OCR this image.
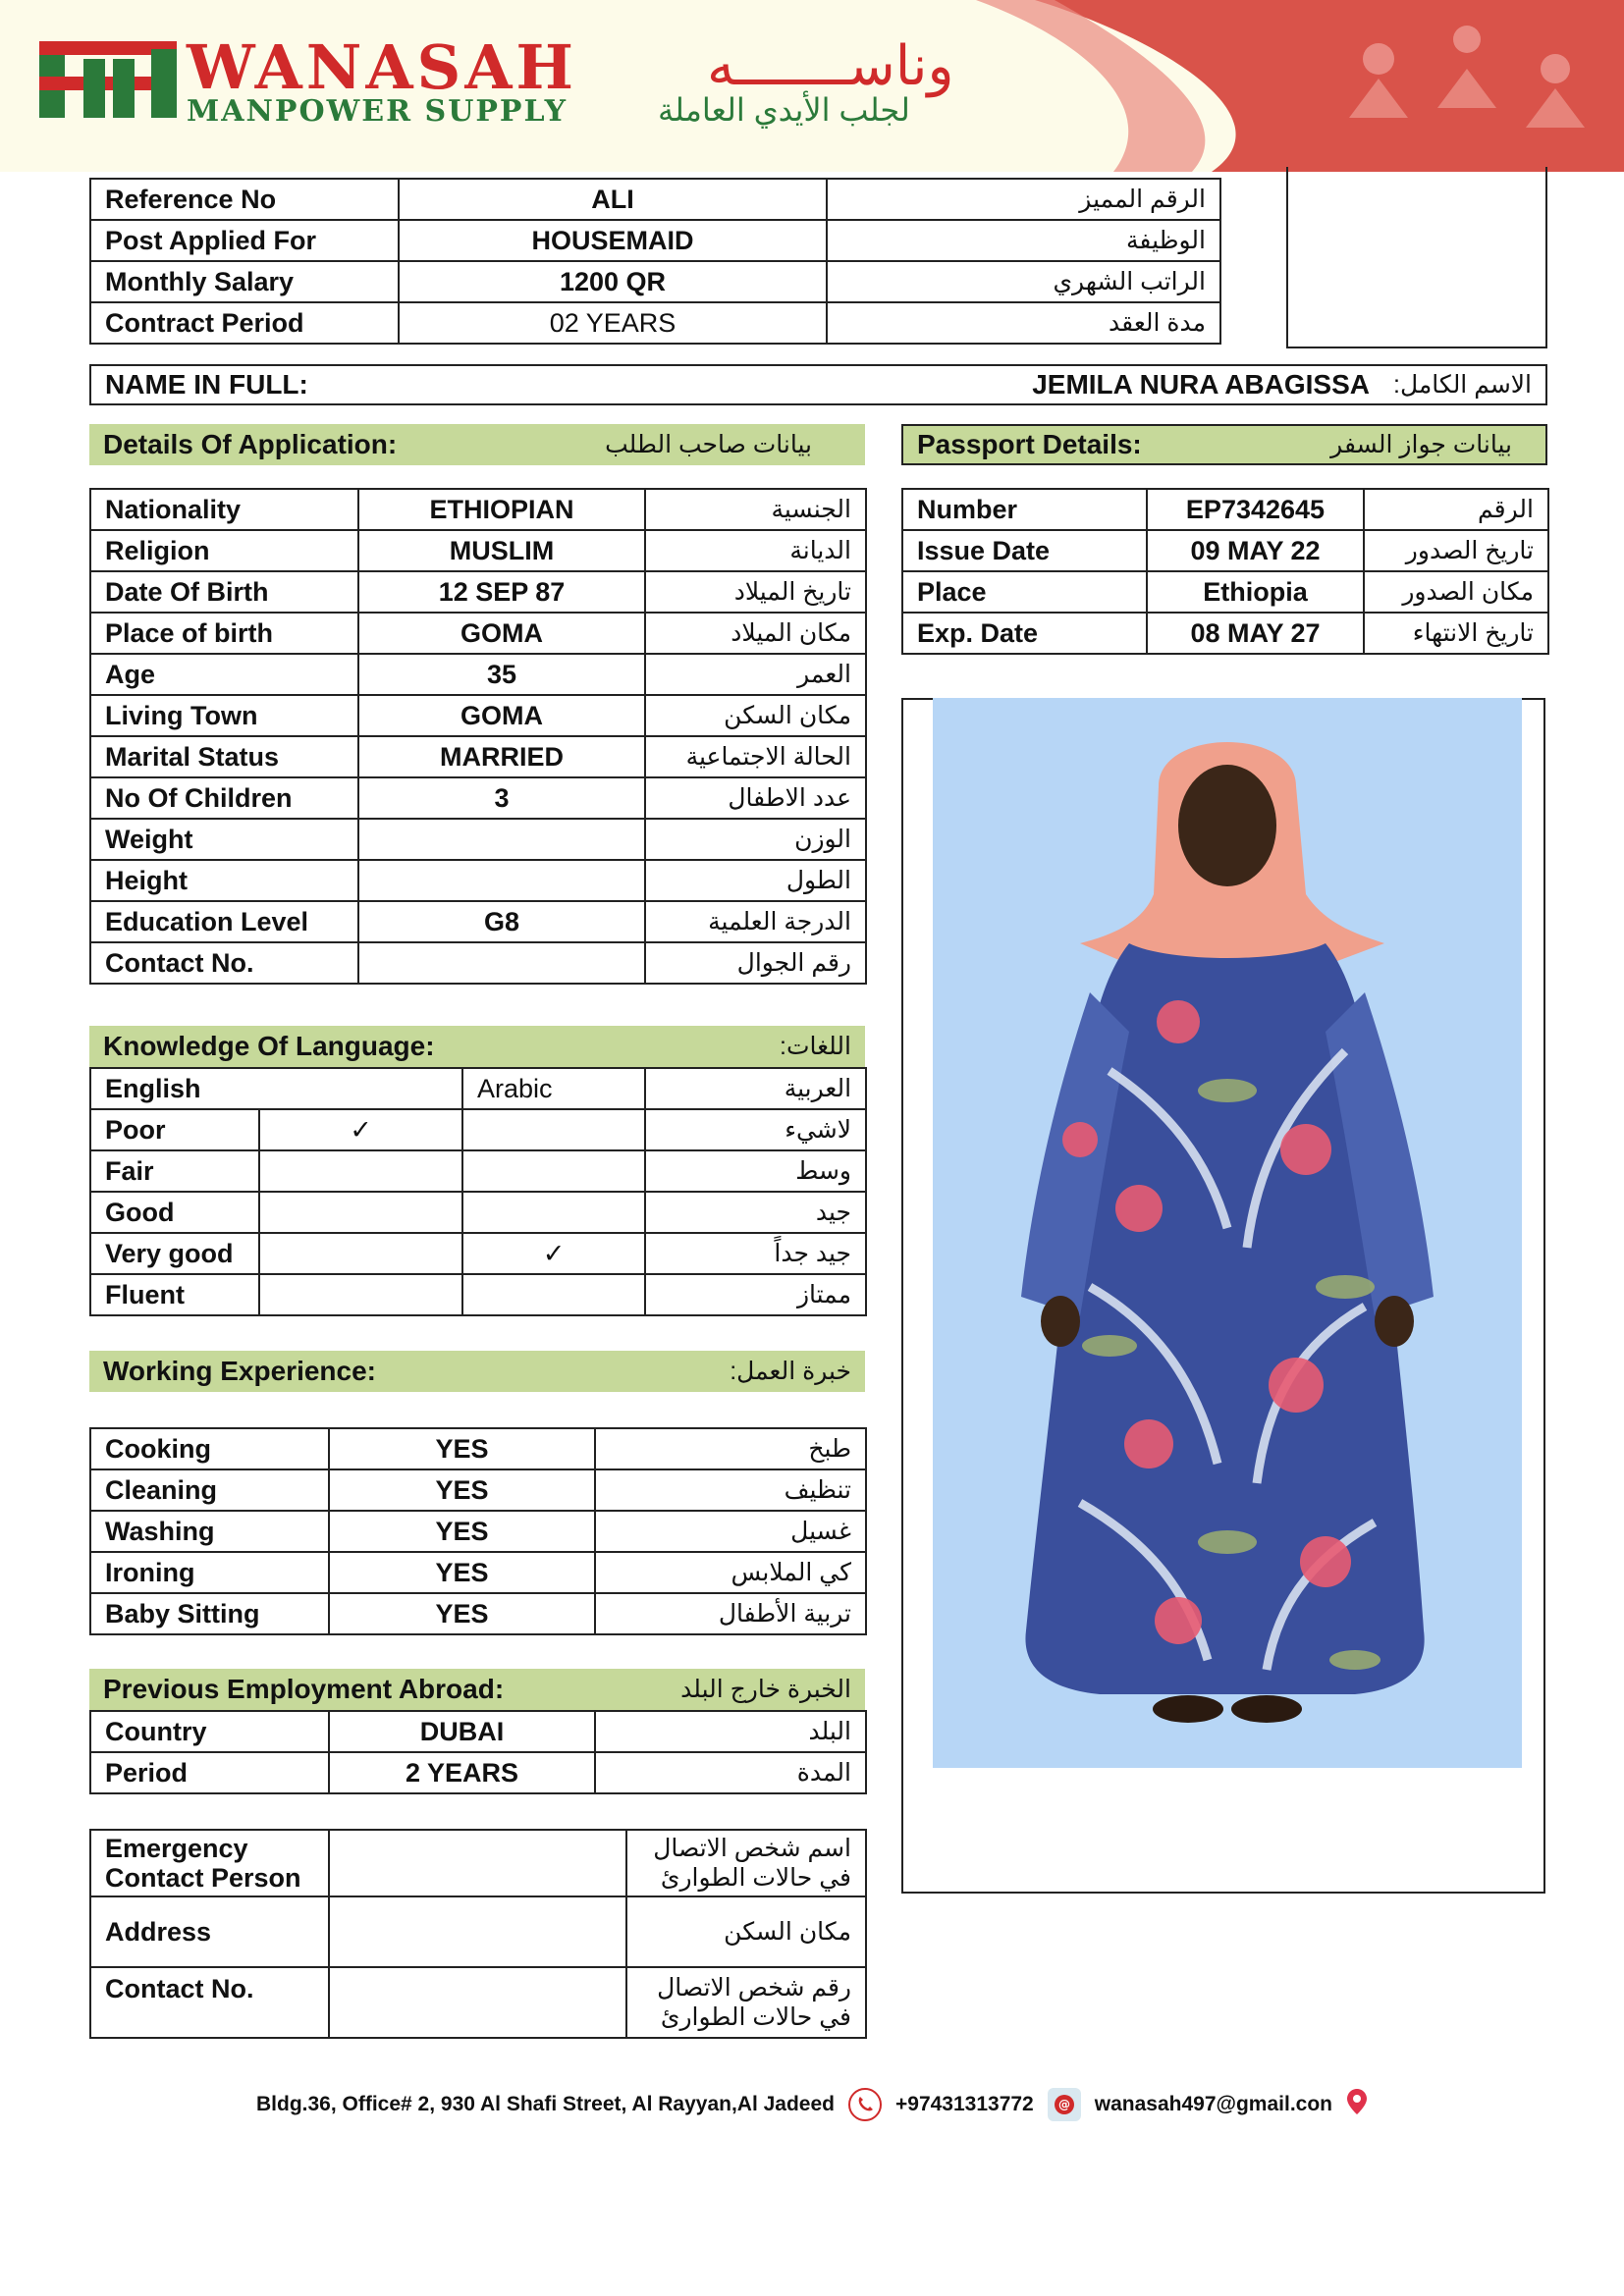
WANASAH وناســـــــه
MANPOWER SUPPLY	لجلب الأيدي العاملة
Reference No	ALI	الرقم المميز
Post Applied For	HOUSEMAID	الوظيفة
Monthly Salary	1200 QR	الراتب الشهري
Contract Period	02 YEARS	مدة العقد
NAME IN FULL:	JEMILA NURA ABAGISSA الاسم الكامل:
Details Of Application:	بيانات صاحب الطلب	Passport Details:	بيانات جواز السفر
Nationality	ETHIOPIAN	الجنسية
Religion	MUSLIM	الديانة
Date Of Birth	12 SEP 87	تاريخ الميلاد
Place of birth	GOMA	مكان الميلاد
Age	35	العمر
Living Town	GOMA	مكان السكن
Marital Status	MARRIED	الحالة الاجتماعية
No Of Children	3	عدد الاطفال
Weight		الوزن
Height		الطول
Education Level	G8	الدرجة العلمية
Contact No.		رقم الجوال
Number	EP7342645	الرقم
Issue Date	09 MAY 22	تاريخ الصدور
Place	Ethiopia	مكان الصدور
Exp. Date	08 MAY 27	تاريخ الانتهاء
Knowledge Of Language:	اللغات:
English		Arabic	العربية
Poor	✓		لاشيء
Fair			وسط
Good			جيد
Very good		✓	جيد جداً
Fluent			ممتاز
Working Experience:	خبرة العمل:
Cooking	YES	طبخ
Cleaning	YES	تنظيف
Washing	YES	غسيل
Ironing	YES	كي الملابس
Baby Sitting	YES	تربية الأطفال
Previous Employment Abroad:	الخبرة خارج البلد
Country	DUBAI	البلد
Period	2 YEARS	المدة
Emergency Contact Person		اسم شخص الاتصال في حالات الطوارئ
Address		مكان السكن
Contact No.		رقم شخص الاتصال في حالات الطوارئ
Bldg.36, Office# 2, 930 Al Shafi Street, Al Rayyan,Al Jadeed	+97431313772 @ wanasah497@gmail.con
